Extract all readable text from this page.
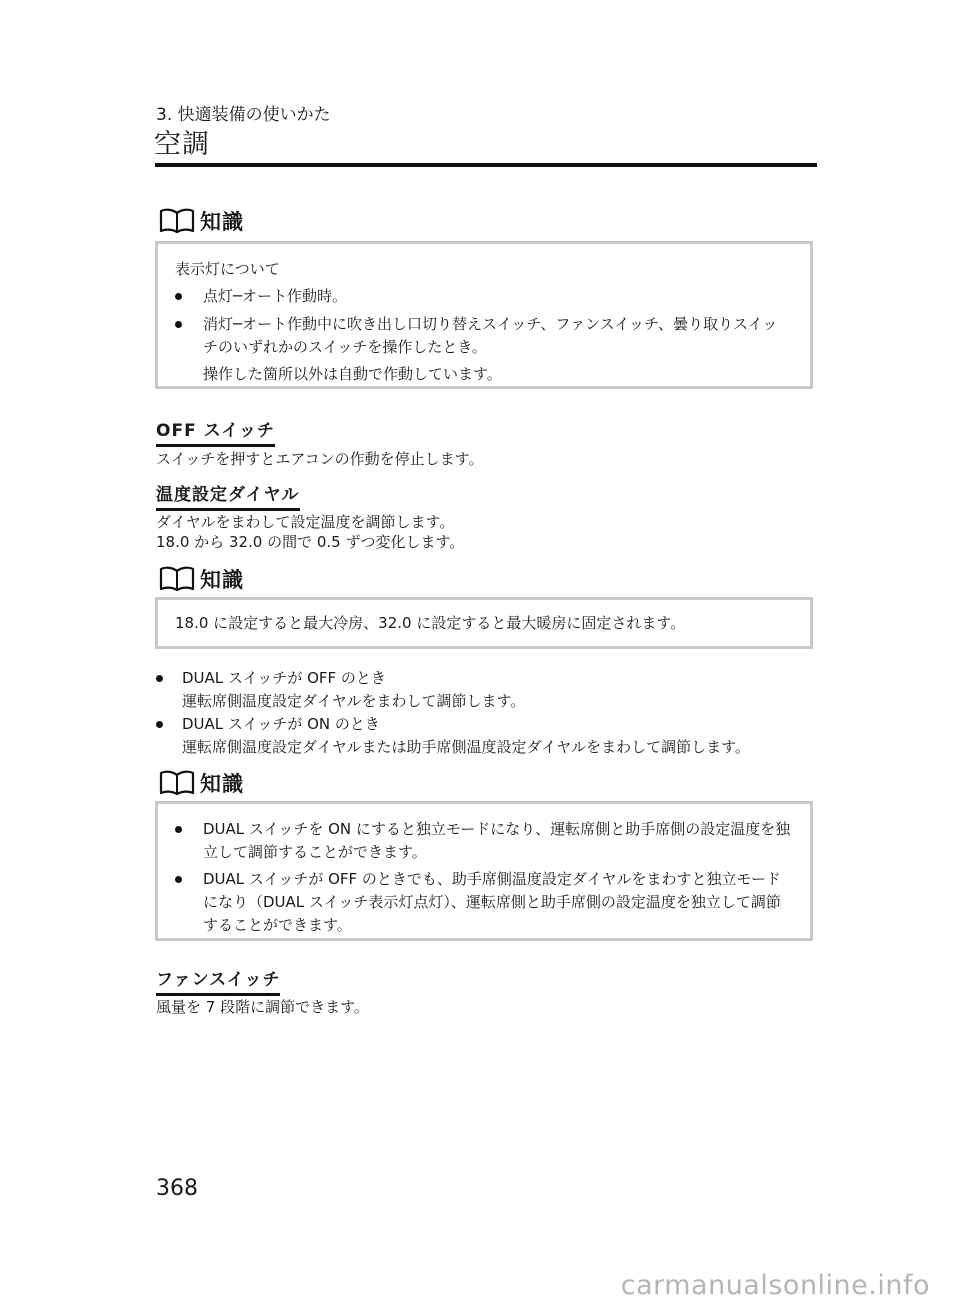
3. 快適装備の使いかた
空調
知識
表示灯について
点灯─オート作動時。
消灯─オート作動中に吹き出し口切り替えスイッチ、ファンスイッチ、曇り取りスイッチのいずれかのスイッチを操作したとき。
操作した箇所以外は自動で作動しています。
OFF スイッチ
スイッチを押すとエアコンの作動を停止します。
温度設定ダイヤル
ダイヤルをまわして設定温度を調節します。
18.0 から 32.0 の間で 0.5 ずつ変化します。
知識
18.0 に設定すると最大冷房、32.0 に設定すると最大暖房に固定されます。
DUAL スイッチが OFF のとき
運転席側温度設定ダイヤルをまわして調節します。
DUAL スイッチが ON のとき
運転席側温度設定ダイヤルまたは助手席側温度設定ダイヤルをまわして調節します。
知識
DUAL スイッチを ON にすると独立モードになり、運転席側と助手席側の設定温度を独立して調節することができます。
DUAL スイッチが OFF のときでも、助手席側温度設定ダイヤルをまわすと独立モードになり（DUAL スイッチ表示灯点灯）、運転席側と助手席側の設定温度を独立して調節することができます。
ファンスイッチ
風量を 7 段階に調節できます。
368
carmanualsonline.info
